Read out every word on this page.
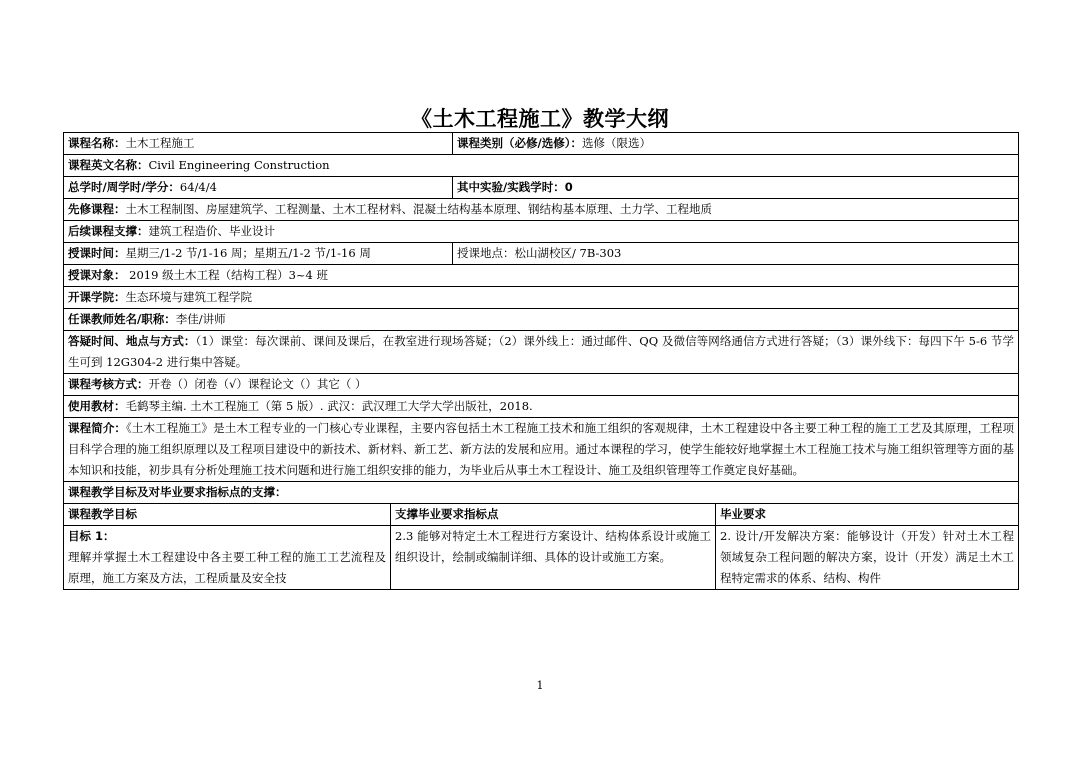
《土木工程施工》教学大纲
课程名称：土木工程施工		课程类别（必修/选修）：选修（限选）	
课程英文名称：Civil Engineering Construction			
总学时/周学时/学分：64/4/4		其中实验/实践学时：0	
先修课程：土木工程制图、房屋建筑学、工程测量、土木工程材料、混凝土结构基本原理、钢结构基本原理、土力学、工程地质			
后续课程支撑：建筑工程造价、毕业设计			
授课时间：星期三/1-2 节/1-16 周；星期五/1-2 节/1-16 周		授课地点：松山湖校区/ 7B-303	
授课对象： 2019 级土木工程（结构工程）3~4 班			
开课学院：生态环境与建筑工程学院			
任课教师姓名/职称：李佳/讲师			
答疑时间、地点与方式：（1）课堂：每次课前、课间及课后，在教室进行现场答疑；（2）课外线上：通过邮件、QQ 及微信等网络通信方式进行答疑；（3）课外线下：每四下午 5-6 节学生可到 12G304-2 进行集中答疑。			
课程考核方式：开卷（）闭卷（√）课程论文（）其它（ ）			
使用教材：毛鹤琴主编. 土木工程施工（第 5 版）. 武汉：武汉理工大学大学出版社，2018.			
课程简介：《土木工程施工》是土木工程专业的一门核心专业课程，主要内容包括土木工程施工技术和施工组织的客观规律，土木工程建设中各主要工种工程的施工工艺及其原理，工程项目科学合理的施工组织原理以及工程项目建设中的新技术、新材料、新工艺、新方法的发展和应用。通过本课程的学习，使学生能较好地掌握土木工程施工技术与施工组织管理等方面的基本知识和技能，初步具有分析处理施工技术问题和进行施工组织安排的能力，为毕业后从事土木工程设计、施工及组织管理等工作奠定良好基础。			
课程教学目标及对毕业要求指标点的支撑：			
课程教学目标	支撑毕业要求指标点		毕业要求

目标 1：
理解并掌握土木工程建设中各主要工种工程的施工工艺流程及原理，施工方案及方法，工程质量及安全技	2.3 能够对特定土木工程进行方案设计、结构体系设计或施工组织设计，绘制或编制详细、具体的设计或施工方案。		2. 设计/开发解决方案：能够设计（开发）针对土木工程领域复杂工程问题的解决方案，设计（开发）满足土木工程特定需求的体系、结构、构件
1
